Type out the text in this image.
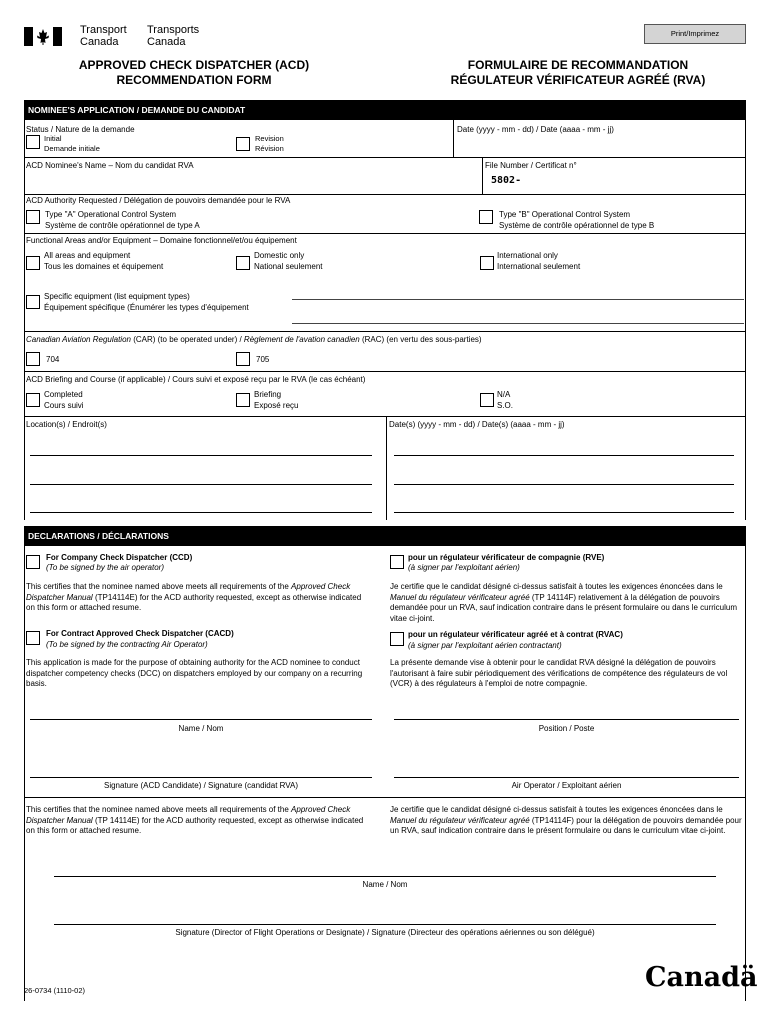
Transport
Canada
Transports
Canada
Print/Imprimez
APPROVED CHECK DISPATCHER (ACD)
RECOMMENDATION FORM
FORMULAIRE DE RECOMMANDATION
RÉGULATEUR VÉRIFICATEUR AGRÉÉ (RVA)
NOMINEE'S APPLICATION / DEMANDE DU CANDIDAT
Status / Nature de la demande
Initial
Demande initiale
Revision
Révision
Date (yyyy - mm - dd) / Date (aaaa - mm - jj)
ACD Nominee's Name – Nom du candidat RVA	File Number / Certificat n°
5802-
ACD Authority Requested / Délégation de pouvoirs demandée pour le RVA
Type "A" Operational Control System
Système de contrôle opérationnel de type A
Type "B" Operational Control System
Système de contrôle opérationnel de type B
Functional Areas and/or Equipment – Domaine fonctionnel/et/ou équipement
All areas and equipment
Tous les domaines et équipement
Domestic only
National seulement
International only
International seulement
Specific equipment (list equipment types)
Équipement spécifique (Énumérer les types d'équipement
Canadian Aviation Regulation (CAR) (to be operated under) / Règlement de l'avation canadien (RAC) (en vertu des sous-parties)
704	705
ACD Briefing and Course (if applicable) / Cours suivi et exposé reçu par le RVA (le cas échéant)
Completed
Cours suivi
Briefing
Exposé reçu
N/A
S.O.
Location(s) / Endroit(s)	Date(s) (yyyy - mm - dd) / Date(s) (aaaa - mm - jj)
DECLARATIONS / DÉCLARATIONS
For Company Check Dispatcher (CCD)
(To be signed by the air operator)
pour un régulateur vérificateur de compagnie (RVE)
(à signer par l'exploitant aérien)
This certifies that the nominee named above meets all requirements of the Approved Check Dispatcher Manual (TP14114E) for the ACD authority requested, except as otherwise indicated on this form or attached resume.
Je certifie que le candidat désigné ci-dessus satisfait à toutes les exigences énoncées dans le Manuel du régulateur vérificateur agréé (TP 14114F) relativement à la délégation de pouvoirs demandée pour un RVA, sauf indication contraire dans le présent formulaire ou dans le curriculum vitae ci-joint.
For Contract Approved Check Dispatcher (CACD)
(To be signed by the contracting Air Operator)
pour un régulateur vérificateur agréé et à contrat (RVAC)
(à signer par l'exploitant aérien contractant)
This application is made for the purpose of obtaining authority for the ACD nominee to conduct dispatcher competency checks (DCC) on dispatchers employed by our company on a recurring basis.
La présente demande vise à obtenir pour le candidat RVA désigné la délégation de pouvoirs l'autorisant à faire subir périodiquement des vérifications de compétence des régulateurs de vol (VCR) à des régulateurs à l'emploi de notre compagnie.
Name / Nom	Position / Poste
Signature (ACD Candidate) / Signature (candidat RVA)	Air Operator / Exploitant aérien
This certifies that the nominee named above meets all requirements of the Approved Check Dispatcher Manual (TP 14114E) for the ACD authority requested, except as otherwise indicated on this form or attached resume.
Je certifie que le candidat désigné ci-dessus satisfait à toutes les exigences énoncées dans le Manuel du régulateur vérificateur agréé (TP14114F) pour la délégation de pouvoirs demandée pour un RVA, sauf indication contraire dans le présent formulaire ou dans le curriculum vitae ci-joint.
Name / Nom
Signature (Director of Flight Operations or Designate) / Signature (Directeur des opérations aériennes ou son délégué)
26-0734 (1110-02)	Canadä
